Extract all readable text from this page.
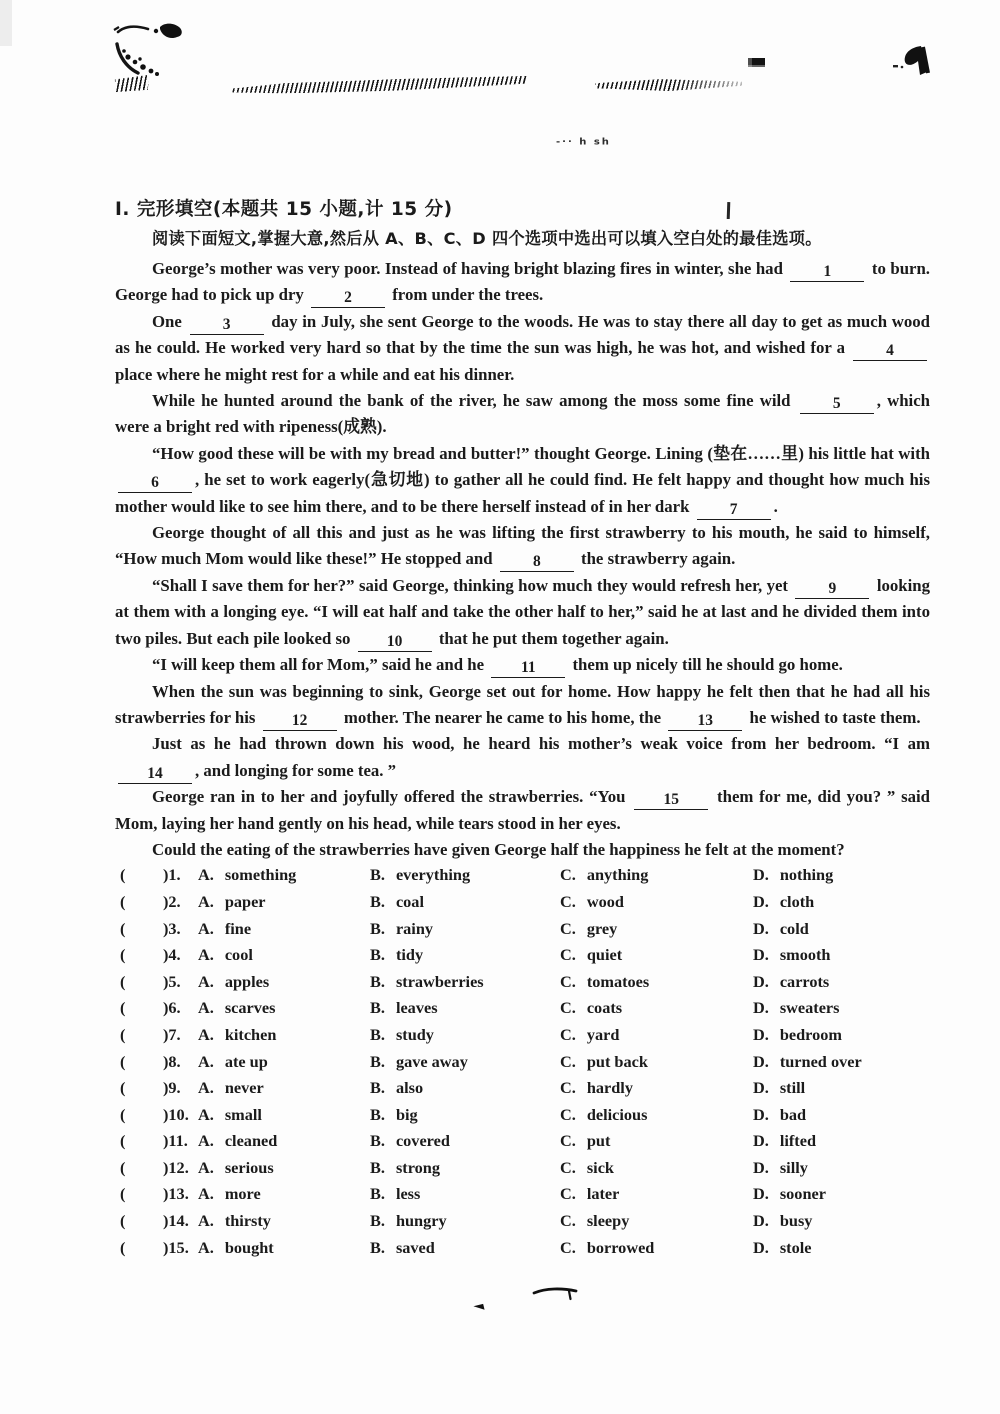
-·· h sh

Ⅰ. 完形填空(本题共 15 小题,计 15 分)

阅读下面短文,掌握大意,然后从 A、B、C、D 四个选项中选出可以填入空白处的最佳选项。

George’s mother was very poor. Instead of having bright blazing fires in winter, she had 1 to burn. George had to pick up dry 2 from under the trees.

One 3 day in July, she sent George to the woods. He was to stay there all day to get as much wood as he could. He worked very hard so that by the time the sun was high, he was hot, and wished for a 4 place where he might rest for a while and eat his dinner.

While he hunted around the bank of the river, he saw among the moss some fine wild 5 , which were a bright red with ripeness(成熟).

“How good these will be with my bread and butter!” thought George. Lining (垫在……里) his little hat with 6 , he set to work eagerly(急切地) to gather all he could find. He felt happy and thought how much his mother would like to see him there, and to be there herself instead of in her dark 7 .

George thought of all this and just as he was lifting the first strawberry to his mouth, he said to himself, “How much Mom would like these!” He stopped and 8 the strawberry again.

“Shall I save them for her?” said George, thinking how much they would refresh her, yet 9 looking at them with a longing eye. “I will eat half and take the other half to her,” said he at last and he divided them into two piles. But each pile looked so 10 that he put them together again.

“I will keep them all for Mom,” said he and he 11 them up nicely till he should go home.

When the sun was beginning to sink, George set out for home. How happy he felt then that he had all his strawberries for his 12 mother. The nearer he came to his home, the 13 he wished to taste them.

Just as he had thrown down his wood, he heard his mother’s weak voice from her bedroom. “I am 14 , and longing for some tea. ”

George ran in to her and joyfully offered the strawberries. “You 15 them for me, did you? ” said Mom, laying her hand gently on his head, while tears stood in her eyes.

Could the eating of the strawberries have given George half the happiness he felt at the moment?

(	)1.	A. something	B. everything	C. anything	D. nothing
(	)2.	A. paper	B. coal	C. wood	D. cloth
(	)3.	A. fine	B. rainy	C. grey	D. cold
(	)4.	A. cool	B. tidy	C. quiet	D. smooth
(	)5.	A. apples	B. strawberries	C. tomatoes	D. carrots
(	)6.	A. scarves	B. leaves	C. coats	D. sweaters
(	)7.	A. kitchen	B. study	C. yard	D. bedroom
(	)8.	A. ate up	B. gave away	C. put back	D. turned over
(	)9.	A. never	B. also	C. hardly	D. still
(	)10. A. small	B. big	C. delicious	D. bad
(	)11. A. cleaned	B. covered	C. put	D. lifted
(	)12. A. serious	B. strong	C. sick	D. silly
(	)13. A. more	B. less	C. later	D. sooner
(	)14. A. thirsty	B. hungry	C. sleepy	D. busy
(	)15. A. bought	B. saved	C. borrowed	D. stole
